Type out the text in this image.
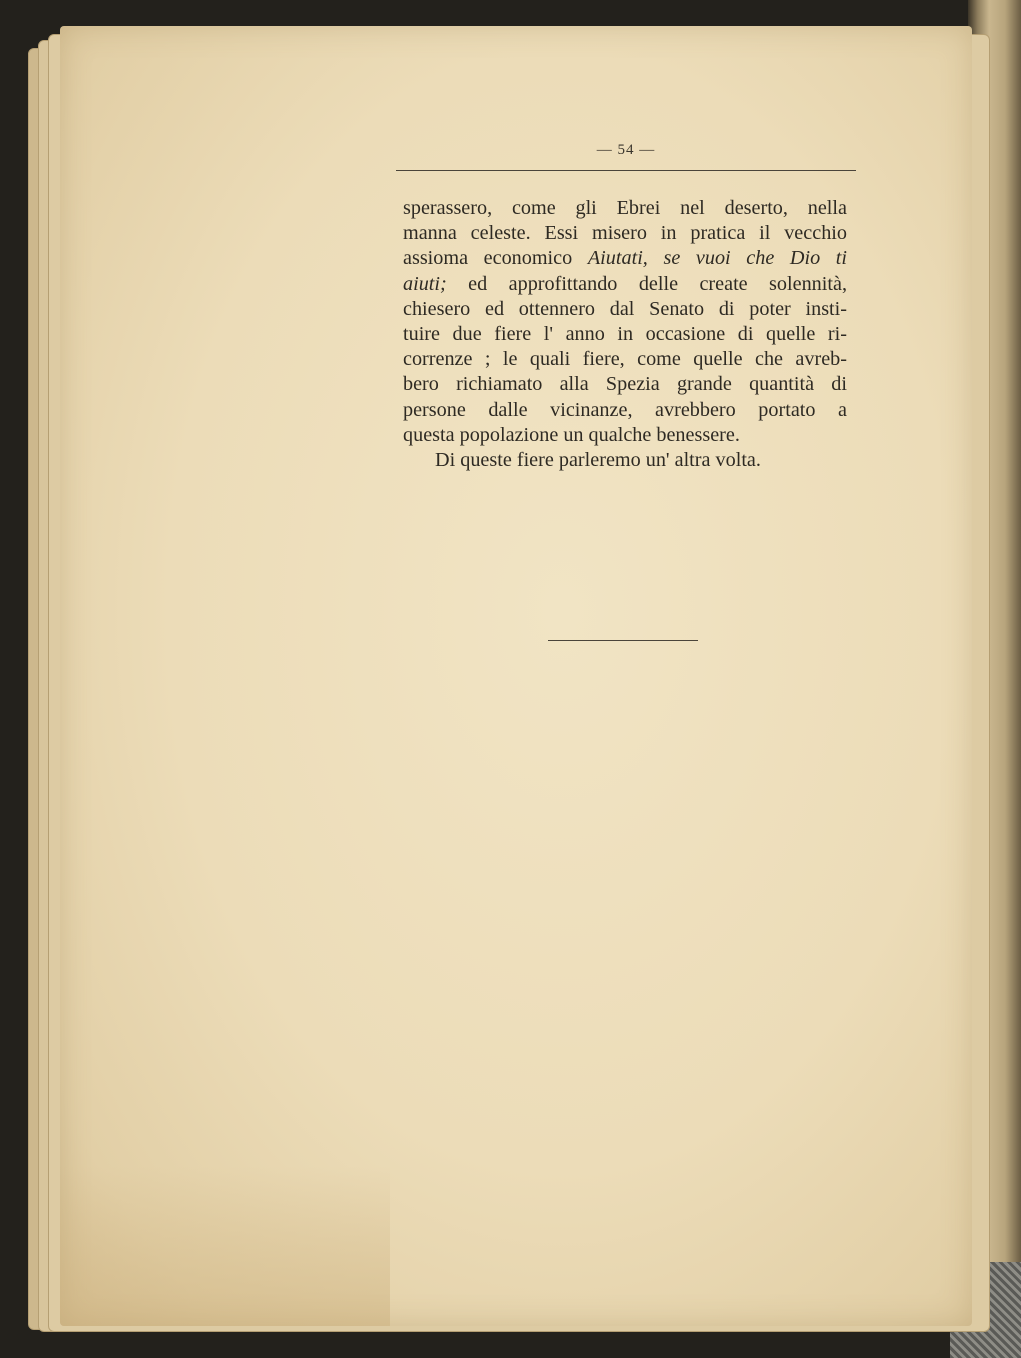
— 54 —
sperassero, come gli Ebrei nel deserto, nella
manna celeste. Essi misero in pratica il vecchio
assioma economico Aiutati, se vuoi che Dio ti
aiuti; ed approfittando delle create solennità,
chiesero ed ottennero dal Senato di poter insti-
tuire due fiere l' anno in occasione di quelle ri-
correnze ; le quali fiere, come quelle che avreb-
bero richiamato alla Spezia grande quantità di
persone dalle vicinanze, avrebbero portato a
questa popolazione un qualche benessere.
Di queste fiere parleremo un' altra volta.
